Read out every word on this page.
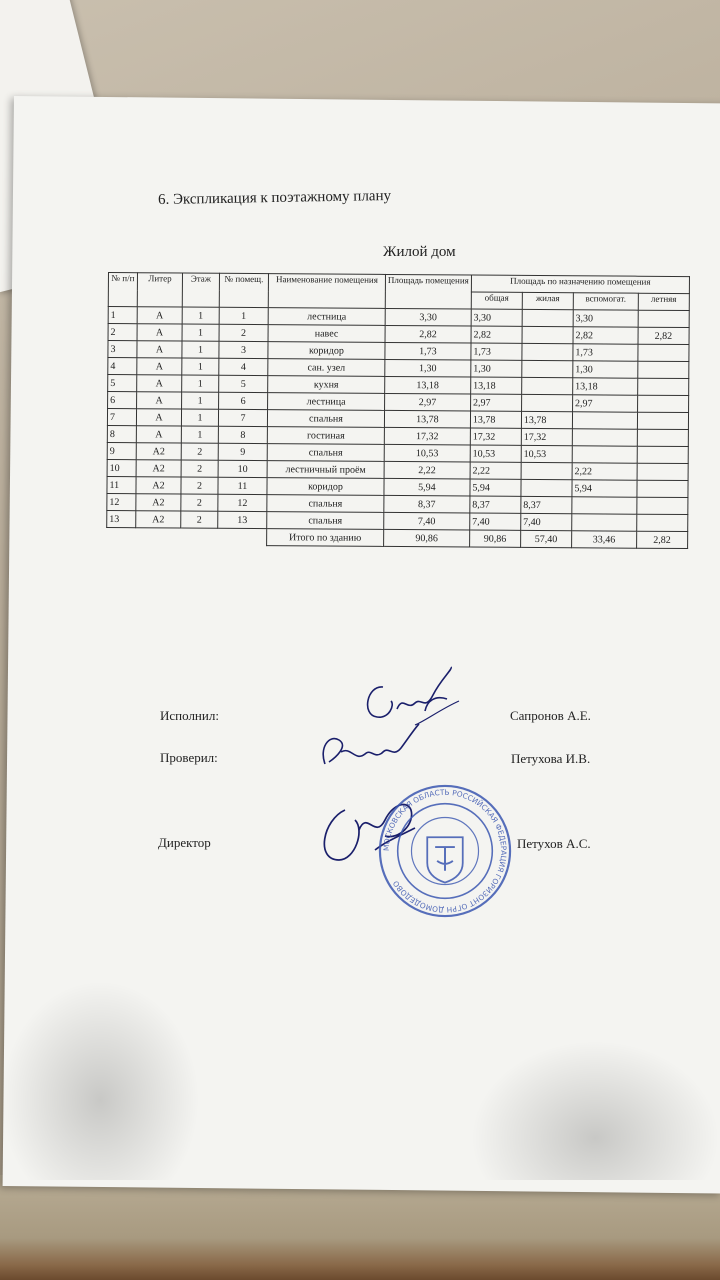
6. Экспликация к поэтажному плану
Жилой дом
№ п/п	Литер	Этаж	№ помещ.	Наименование помещения	Площадь помещения	Площадь по назначению помещения			
						общая	жилая	вспомогат.	летняя
1	А	1	1	лестница	3,30	3,30		3,30	
2	А	1	2	навес	2,82	2,82		2,82	2,82
3	А	1	3	коридор	1,73	1,73		1,73	
4	А	1	4	сан. узел	1,30	1,30		1,30	
5	А	1	5	кухня	13,18	13,18		13,18	
6	А	1	6	лестница	2,97	2,97		2,97	
7	А	1	7	спальня	13,78	13,78	13,78		
8	А	1	8	гостиная	17,32	17,32	17,32		
9	А2	2	9	спальня	10,53	10,53	10,53		
10	А2	2	10	лестничный проём	2,22	2,22		2,22	
11	А2	2	11	коридор	5,94	5,94		5,94	
12	А2	2	12	спальня	8,37	8,37	8,37		
13	А2	2	13	спальня	7,40	7,40	7,40		
				Итого по зданию	90,86	90,86	57,40	33,46	2,82
Исполнил:	Сапронов А.Е.
Проверил:	Петухова И.В.
Директор	Петухов А.С.
МОСКОВСКАЯ ОБЛАСТЬ РОССИЙСКАЯ ФЕДЕРАЦИЯ ГОРИЗОНТ ОГРН ДОМОДЕДОВО
